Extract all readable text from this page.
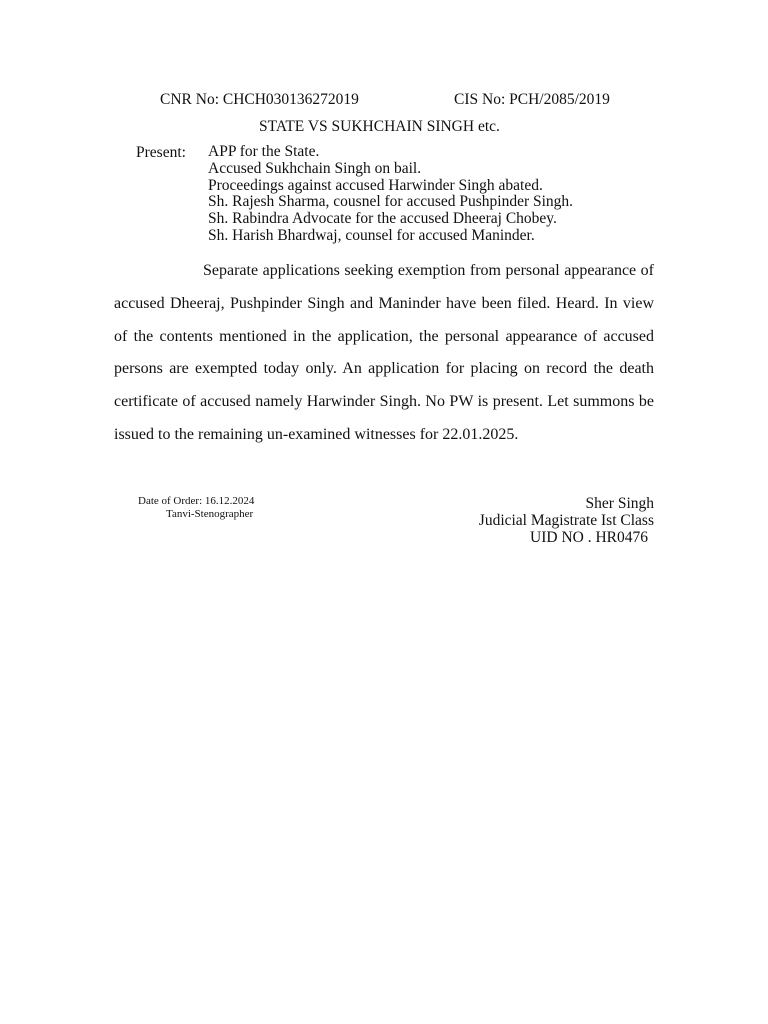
CNR No: CHCH030136272019	CIS No: PCH/2085/2019
STATE VS SUKHCHAIN SINGH etc.
Present: APP for the State.
Accused Sukhchain Singh on bail.
Proceedings against accused Harwinder Singh abated.
Sh. Rajesh Sharma, cousnel for accused Pushpinder Singh.
Sh. Rabindra Advocate for the accused Dheeraj Chobey.
Sh. Harish Bhardwaj, counsel for accused Maninder.

Separate applications seeking exemption from personal appearance of accused Dheeraj, Pushpinder Singh and Maninder have been filed. Heard. In view of the contents mentioned in the application, the personal appearance of accused persons are exempted today only. An application for placing on record the death certificate of accused namely Harwinder Singh. No PW is present. Let summons be issued to the remaining un-examined witnesses for 22.01.2025.

Date of Order: 16.12.2024
Tanvi-Stenographer
Sher Singh
Judicial Magistrate Ist Class
UID NO . HR0476
